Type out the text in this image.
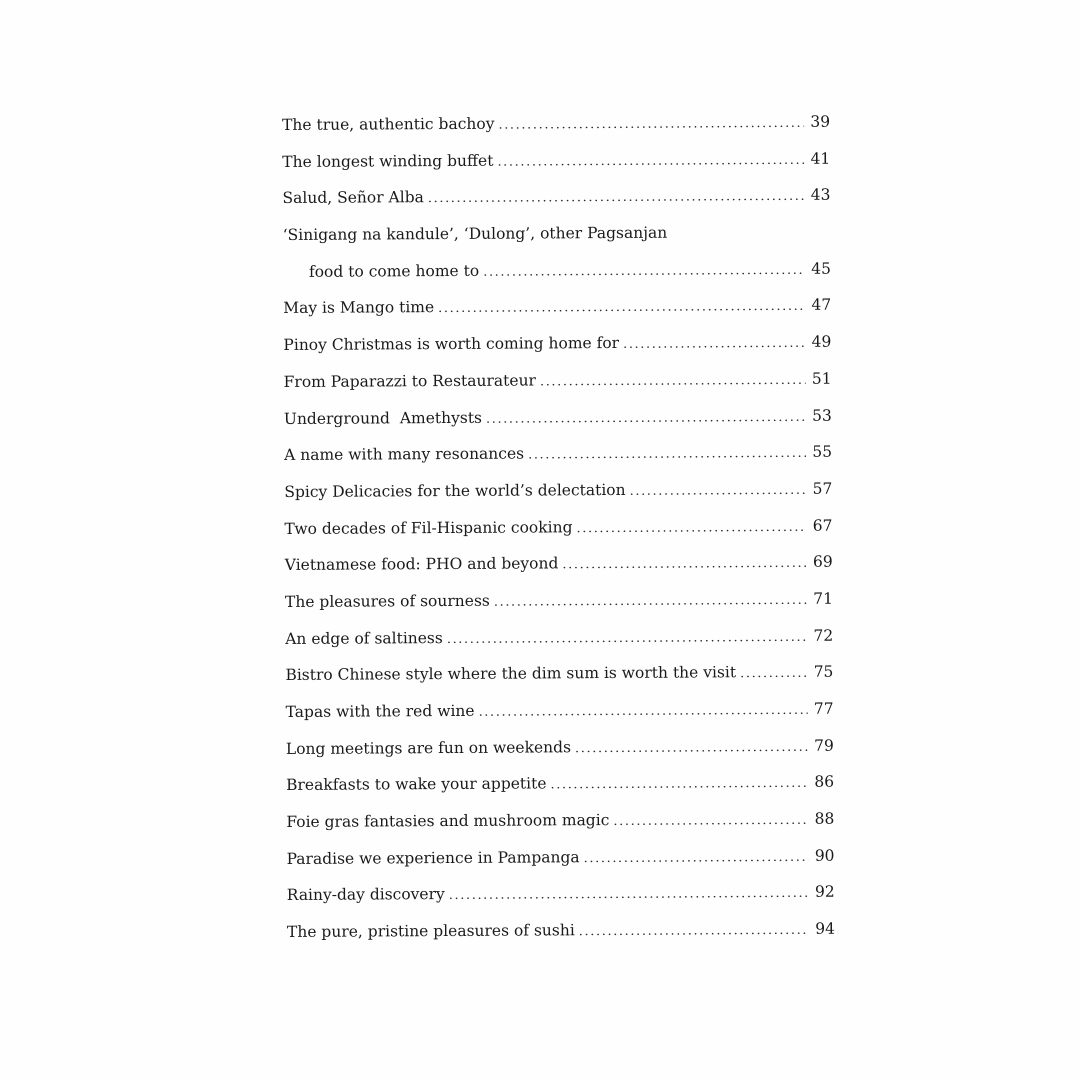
The true, authentic bachoy .....	39
The longest winding buffet .....	41
Salud, Señor Alba .....	43
‘Sinigang na kandule’, ‘Dulong’, other Pagsanjan
food to come home to .....	45
May is Mango time .....	47
Pinoy Christmas is worth coming home for .....	49
From Paparazzi to Restaurateur .....	51
Underground  Amethysts .....	53
A name with many resonances .....	55
Spicy Delicacies for the world’s delectation .....	57
Two decades of Fil-Hispanic cooking .....	67
Vietnamese food: PHO and beyond .....	69
The pleasures of sourness .....	71
An edge of saltiness .....	72
Bistro Chinese style where the dim sum is worth the visit .....	75
Tapas with the red wine .....	77
Long meetings are fun on weekends .....	79
Breakfasts to wake your appetite .....	86
Foie gras fantasies and mushroom magic .....	88
Paradise we experience in Pampanga .....	90
Rainy-day discovery .....	92
The pure, pristine pleasures of sushi .....	94
